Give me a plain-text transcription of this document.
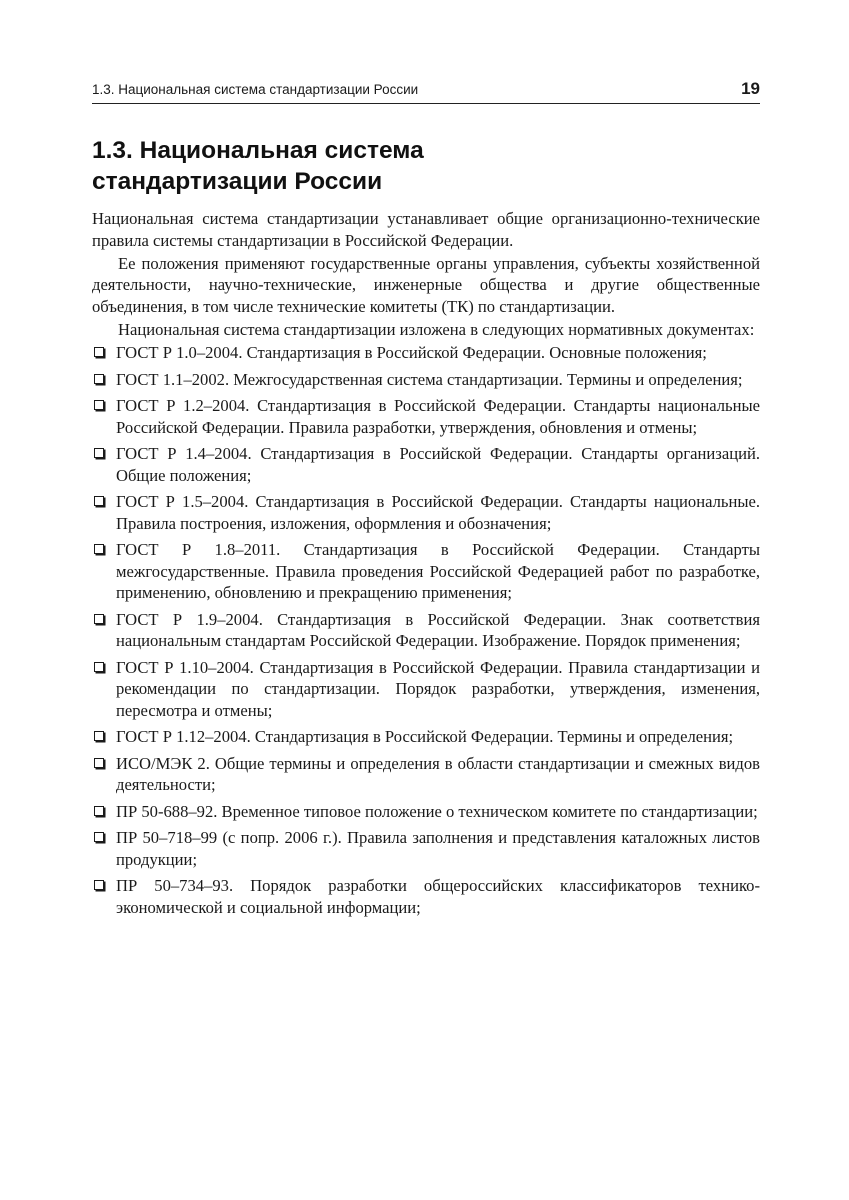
1.3. Национальная система стандартизации России	19
1.3. Национальная система
стандартизации России

Национальная система стандартизации устанавливает общие организационно-технические правила системы стандартизации в Российской Федерации.

Ее положения применяют государственные органы управления, субъекты хозяйственной деятельности, научно-технические, инженерные общества и другие общественные объединения, в том числе технические комитеты (ТК) по стандартизации.

Национальная система стандартизации изложена в следующих нормативных документах:

ГОСТ Р 1.0–2004. Стандартизация в Российской Федерации. Основные положения;
ГОСТ 1.1–2002. Межгосударственная система стандартизации. Термины и определения;
ГОСТ Р 1.2–2004. Стандартизация в Российской Федерации. Стандарты национальные Российской Федерации. Правила разработки, утверждения, обновления и отмены;
ГОСТ Р 1.4–2004. Стандартизация в Российской Федерации. Стандарты организаций. Общие положения;
ГОСТ Р 1.5–2004. Стандартизация в Российской Федерации. Стандарты национальные. Правила построения, изложения, оформления и обозначения;
ГОСТ Р 1.8–2011. Стандартизация в Российской Федерации. Стандарты межгосударственные. Правила проведения Российской Федерацией работ по разработке, применению, обновлению и прекращению применения;
ГОСТ Р 1.9–2004. Стандартизация в Российской Федерации. Знак соответствия национальным стандартам Российской Федерации. Изображение. Порядок применения;
ГОСТ Р 1.10–2004. Стандартизация в Российской Федерации. Правила стандартизации и рекомендации по стандартизации. Порядок разработки, утверждения, изменения, пересмотра и отмены;
ГОСТ Р 1.12–2004. Стандартизация в Российской Федерации. Термины и определения;
ИСО/МЭК 2. Общие термины и определения в области стандартизации и смежных видов деятельности;
ПР 50-688–92. Временное типовое положение о техническом комитете по стандартизации;
ПР 50–718–99 (с попр. 2006 г.). Правила заполнения и представления каталожных листов продукции;
ПР 50–734–93. Порядок разработки общероссийских классификаторов технико-экономической и социальной информации;
